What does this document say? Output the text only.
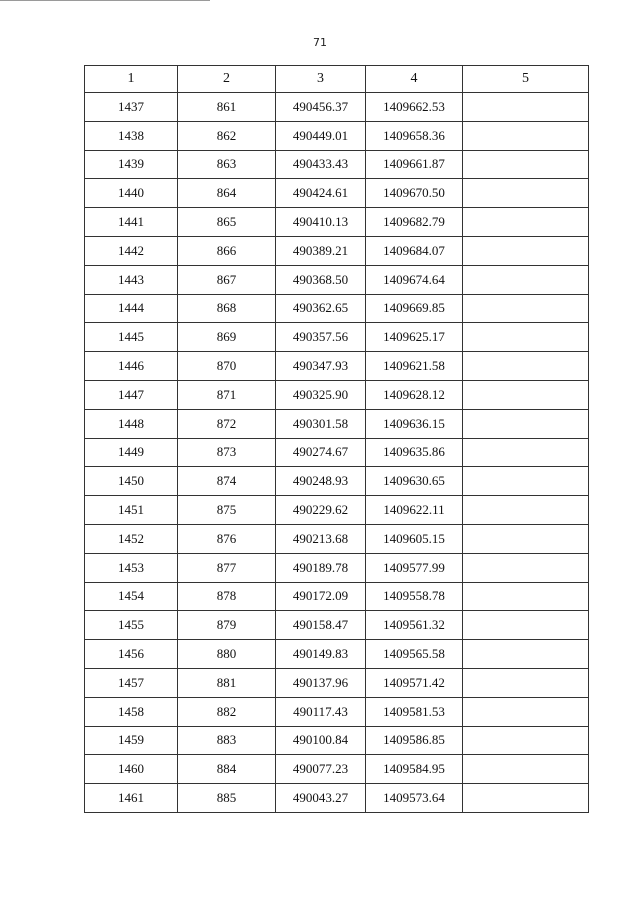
71
1	2	3	4	5
1437	861	490456.37	1409662.53	
1438	862	490449.01	1409658.36	
1439	863	490433.43	1409661.87	
1440	864	490424.61	1409670.50	
1441	865	490410.13	1409682.79	
1442	866	490389.21	1409684.07	
1443	867	490368.50	1409674.64	
1444	868	490362.65	1409669.85	
1445	869	490357.56	1409625.17	
1446	870	490347.93	1409621.58	
1447	871	490325.90	1409628.12	
1448	872	490301.58	1409636.15	
1449	873	490274.67	1409635.86	
1450	874	490248.93	1409630.65	
1451	875	490229.62	1409622.11	
1452	876	490213.68	1409605.15	
1453	877	490189.78	1409577.99	
1454	878	490172.09	1409558.78	
1455	879	490158.47	1409561.32	
1456	880	490149.83	1409565.58	
1457	881	490137.96	1409571.42	
1458	882	490117.43	1409581.53	
1459	883	490100.84	1409586.85	
1460	884	490077.23	1409584.95	
1461	885	490043.27	1409573.64	
